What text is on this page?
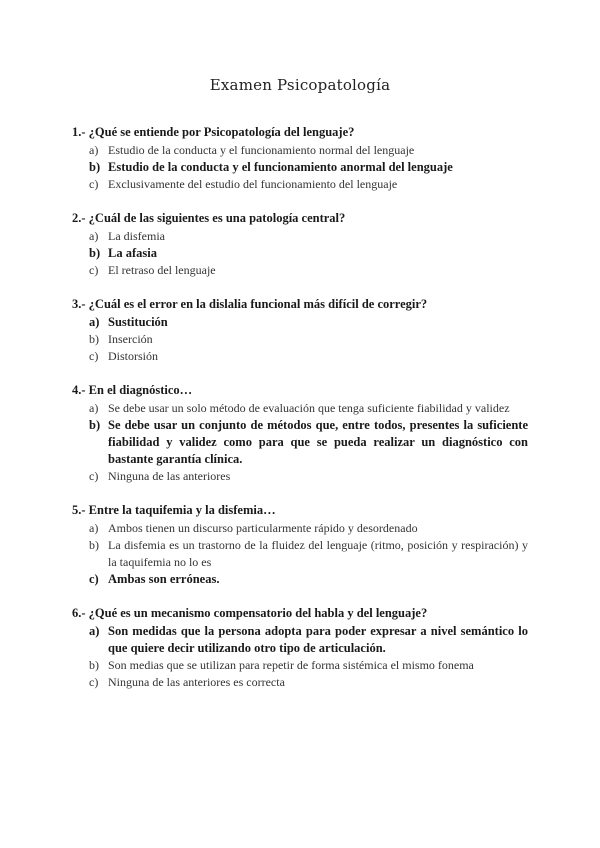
Examen Psicopatología
1.- ¿Qué se entiende por Psicopatología del lenguaje?
a) Estudio de la conducta y el funcionamiento normal del lenguaje
b) Estudio de la conducta y el funcionamiento anormal del lenguaje
c) Exclusivamente del estudio del funcionamiento del lenguaje
2.- ¿Cuál de las siguientes es una patología central?
a) La disfemia
b) La afasia
c) El retraso del lenguaje
3.- ¿Cuál es el error en la dislalia funcional más difícil de corregir?
a) Sustitución
b) Inserción
c) Distorsión
4.- En el diagnóstico…
a) Se debe usar un solo método de evaluación que tenga suficiente fiabilidad y validez
b) Se debe usar un conjunto de métodos que, entre todos, presentes la suficiente fiabilidad y validez como para que se pueda realizar un diagnóstico con bastante garantía clínica.
c) Ninguna de las anteriores
5.- Entre la taquifemia y la disfemia…
a) Ambos tienen un discurso particularmente rápido y desordenado
b) La disfemia es un trastorno de la fluidez del lenguaje (ritmo, posición y respiración) y la taquifemia no lo es
c) Ambas son erróneas.
6.- ¿Qué es un mecanismo compensatorio del habla y del lenguaje?
a) Son medidas que la persona adopta para poder expresar a nivel semántico lo que quiere decir utilizando otro tipo de articulación.
b) Son medias que se utilizan para repetir de forma sistémica el mismo fonema
c) Ninguna de las anteriores es correcta
